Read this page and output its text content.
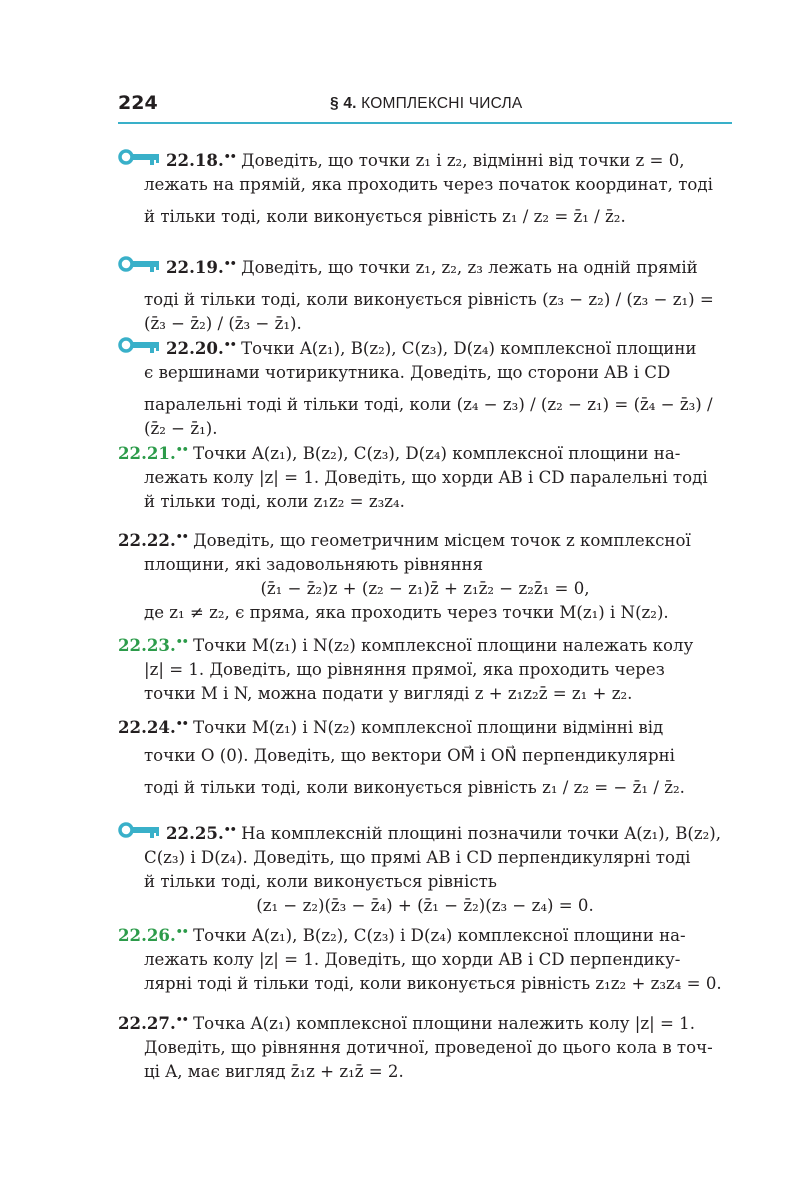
224	§ 4. КОМПЛЕКСНІ ЧИСЛА

22.18.•• Доведіть, що точки z₁ і z₂, відмінні від точки z = 0,

лежать на прямій, яка проходить через початок координат, тоді

й тільки тоді, коли виконується рівність z₁ / z₂ = z̄₁ / z̄₂.

22.19.•• Доведіть, що точки z₁, z₂, z₃ лежать на одній прямій

тоді й тільки тоді, коли виконується рівність (z₃ − z₂) / (z₃ − z₁) = (z̄₃ − z̄₂) / (z̄₃ − z̄₁).

22.20.•• Точки A(z₁), B(z₂), C(z₃), D(z₄) комплексної площини

є вершинами чотирикутника. Доведіть, що сторони AB і CD

паралельні тоді й тільки тоді, коли (z₄ − z₃) / (z₂ − z₁) = (z̄₄ − z̄₃) / (z̄₂ − z̄₁).

22.21.•• Точки A(z₁), B(z₂), C(z₃), D(z₄) комплексної площини на-

лежать колу |z| = 1. Доведіть, що хорди AB і CD паралельні тоді

й тільки тоді, коли z₁z₂ = z₃z₄.

22.22.•• Доведіть, що геометричним місцем точок z комплексної

площини, які задовольняють рівняння

(z̄₁ − z̄₂)z + (z₂ − z₁)z̄ + z₁z̄₂ − z₂z̄₁ = 0,

де z₁ ≠ z₂, є пряма, яка проходить через точки M(z₁) і N(z₂).

22.23.•• Точки M(z₁) і N(z₂) комплексної площини належать колу

|z| = 1. Доведіть, що рівняння прямої, яка проходить через

точки M і N, можна подати у вигляді z + z₁z₂z̄ = z₁ + z₂.

22.24.•• Точки M(z₁) і N(z₂) комплексної площини відмінні від

точки O (0). Доведіть, що вектори OM⃗ і ON⃗ перпендикулярні

тоді й тільки тоді, коли виконується рівність z₁ / z₂ = − z̄₁ / z̄₂.

22.25.•• На комплексній площині позначили точки A(z₁), B(z₂),

C(z₃) і D(z₄). Доведіть, що прямі AB і CD перпендикулярні тоді

й тільки тоді, коли виконується рівність

(z₁ − z₂)(z̄₃ − z̄₄) + (z̄₁ − z̄₂)(z₃ − z₄) = 0.

22.26.•• Точки A(z₁), B(z₂), C(z₃) і D(z₄) комплексної площини на-

лежать колу |z| = 1. Доведіть, що хорди AB і CD перпендику-

лярні тоді й тільки тоді, коли виконується рівність z₁z₂ + z₃z₄ = 0.

22.27.•• Точка A(z₁) комплексної площини належить колу |z| = 1.

Доведіть, що рівняння дотичної, проведеної до цього кола в точ-

ці A, має вигляд z̄₁z + z₁z̄ = 2.
